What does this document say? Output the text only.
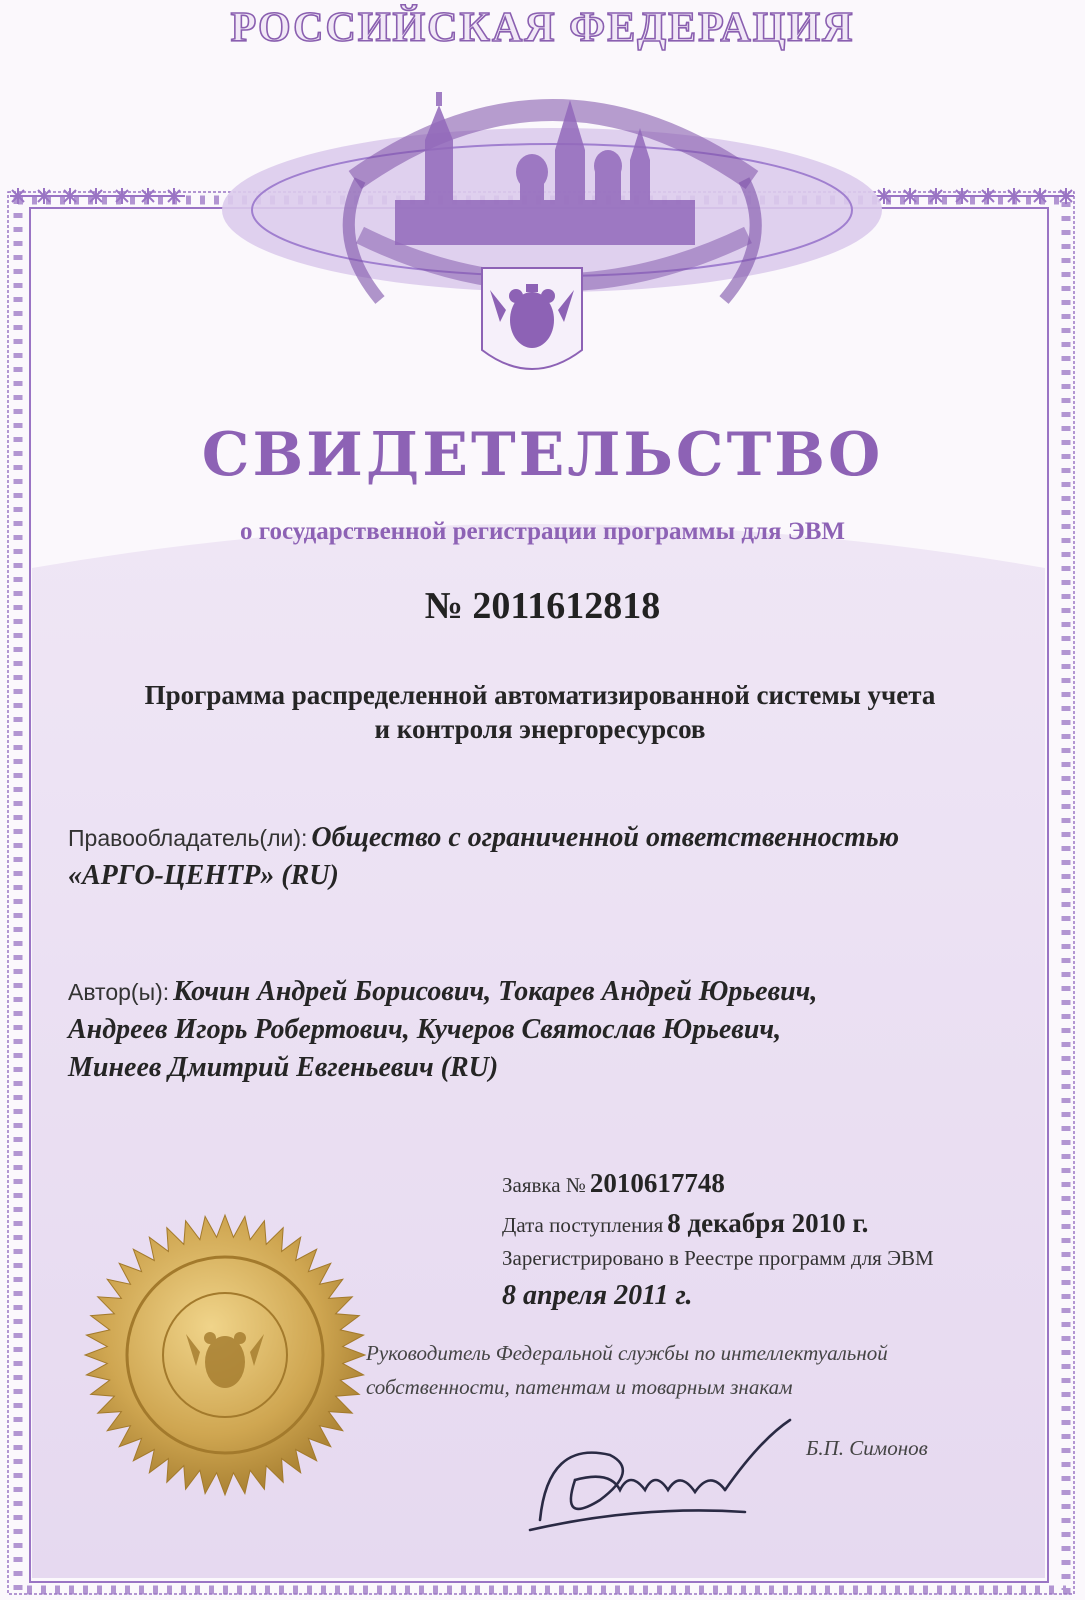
РОССИЙСКАЯ ФЕДЕРАЦИЯ
СВИДЕТЕЛЬСТВО
о государственной регистрации программы для ЭВМ
№ 2011612818
Программа распределенной автоматизированной системы учета
и контроля энергоресурсов
Правообладатель(ли): Общество с ограниченной ответственностью
«АРГО-ЦЕНТР» (RU)
Автор(ы): Кочин Андрей Борисович, Токарев Андрей Юрьевич,
Андреев Игорь Робертович, Кучеров Святослав Юрьевич,
Минеев Дмитрий Евгеньевич (RU)
Заявка № 2010617748
Дата поступления 8 декабря 2010 г.
Зарегистрировано в Реестре программ для ЭВМ
8 апреля 2011 г.
Руководитель Федеральной службы по интеллектуальной
собственности, патентам и товарным знакам
Б.П. Симонов
